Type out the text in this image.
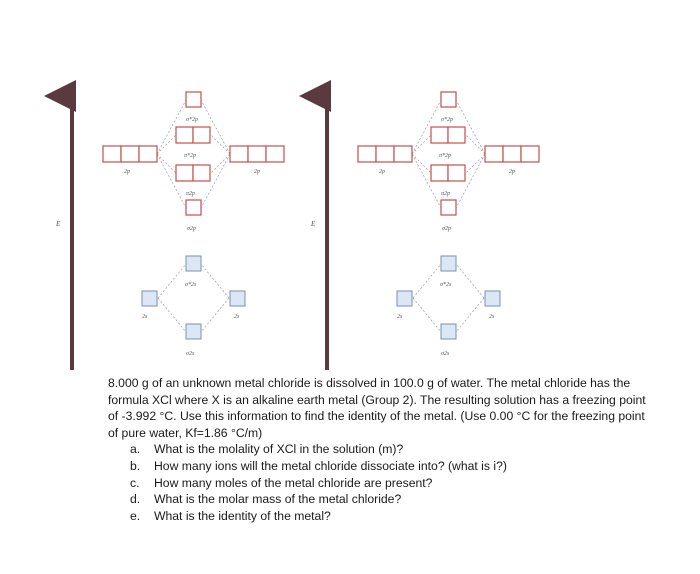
E
2p	2p
σ*2p
π*2p
π2p
σ2p
2s	2s
σ*2s
σ2s
E
2p	2p
σ*2p
π*2p
π2p
σ2p
2s	2s
σ*2s
σ2s

8.000 g of an unknown metal chloride is dissolved in 100.0 g of water. The metal chloride has the formula XCl where X is an alkaline earth metal (Group 2). The resulting solution has a freezing point of -3.992 °C. Use this information to find the identity of the metal. (Use 0.00 °C for the freezing point of pure water, Kf=1.86 °C/m)

a.	What is the molality of XCl in the solution (m)?
b.	How many ions will the metal chloride dissociate into? (what is i?)
c.	How many moles of the metal chloride are present?
d.	What is the molar mass of the metal chloride?
e.	What is the identity of the metal?
